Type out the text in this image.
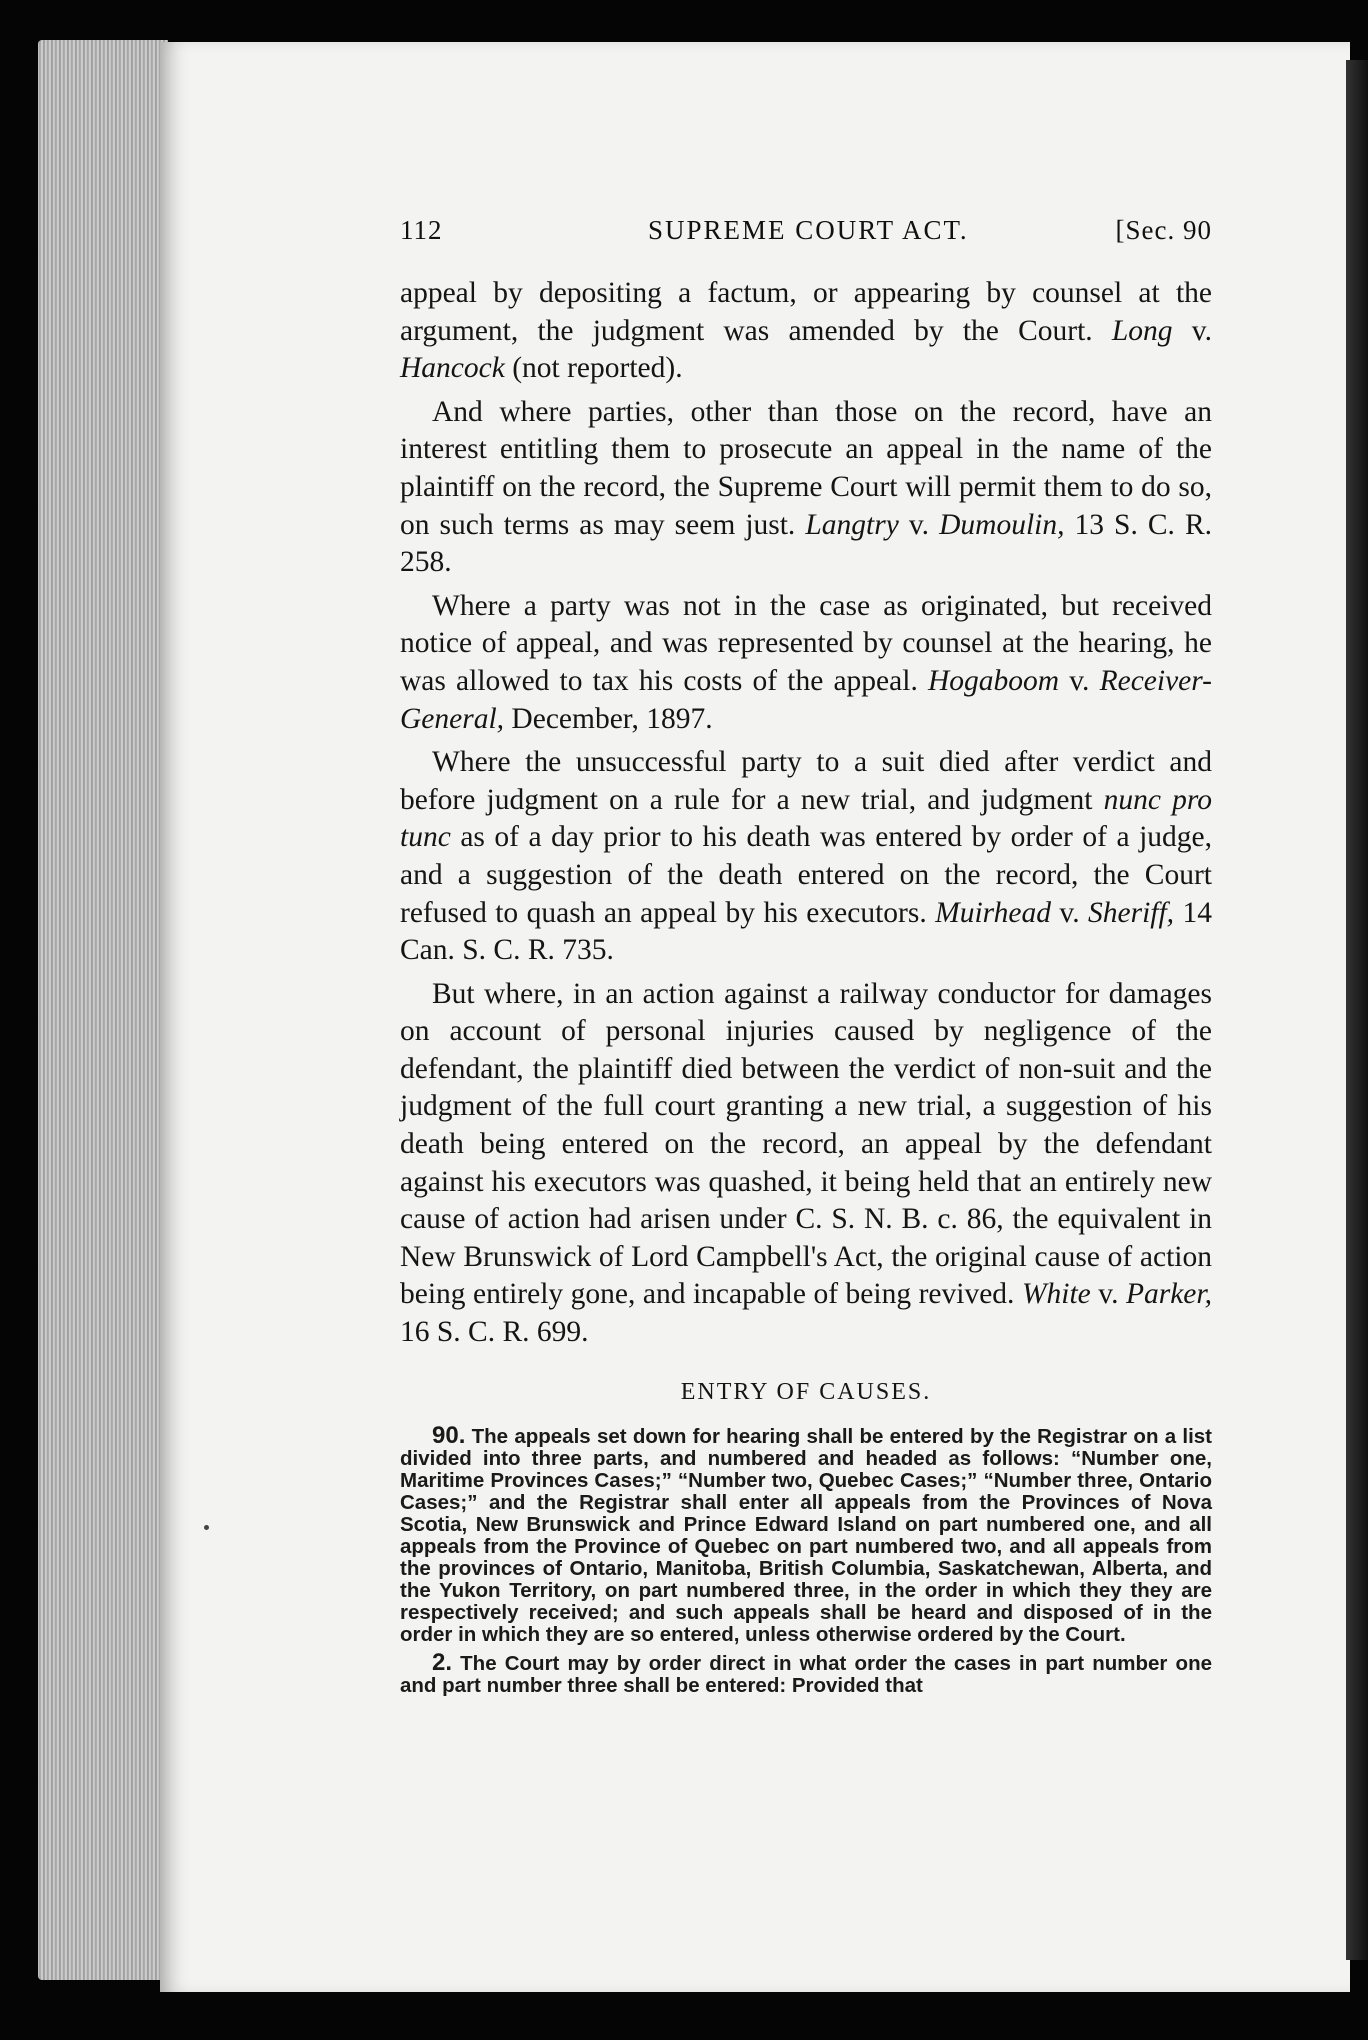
112	SUPREME COURT ACT.	[Sec. 90

appeal by depositing a factum, or appearing by counsel at the argument, the judgment was amended by the Court. Long v. Hancock (not reported).

And where parties, other than those on the record, have an interest entitling them to prosecute an appeal in the name of the plaintiff on the record, the Supreme Court will permit them to do so, on such terms as may seem just. Langtry v. Dumoulin, 13 S. C. R. 258.

Where a party was not in the case as originated, but received notice of appeal, and was represented by counsel at the hearing, he was allowed to tax his costs of the appeal. Hogaboom v. Receiver-General, December, 1897.

Where the unsuccessful party to a suit died after verdict and before judgment on a rule for a new trial, and judgment nunc pro tunc as of a day prior to his death was entered by order of a judge, and a suggestion of the death entered on the record, the Court refused to quash an appeal by his executors. Muirhead v. Sheriff, 14 Can. S. C. R. 735.

But where, in an action against a railway conductor for damages on account of personal injuries caused by negligence of the defendant, the plaintiff died between the verdict of non-suit and the judgment of the full court granting a new trial, a suggestion of his death being entered on the record, an appeal by the defendant against his executors was quashed, it being held that an entirely new cause of action had arisen under C. S. N. B. c. 86, the equivalent in New Brunswick of Lord Campbell's Act, the original cause of action being entirely gone, and incapable of being revived. White v. Parker, 16 S. C. R. 699.

ENTRY OF CAUSES.

90. The appeals set down for hearing shall be entered by the Registrar on a list divided into three parts, and numbered and headed as follows: “Number one, Maritime Provinces Cases;” “Number two, Quebec Cases;” “Number three, Ontario Cases;” and the Registrar shall enter all appeals from the Provinces of Nova Scotia, New Brunswick and Prince Edward Island on part numbered one, and all appeals from the Province of Quebec on part numbered two, and all appeals from the provinces of Ontario, Manitoba, British Columbia, Saskatchewan, Alberta, and the Yukon Territory, on part numbered three, in the order in which they they are respectively received; and such appeals shall be heard and disposed of in the order in which they are so entered, unless otherwise ordered by the Court.

2. The Court may by order direct in what order the cases in part number one and part number three shall be entered: Provided that
